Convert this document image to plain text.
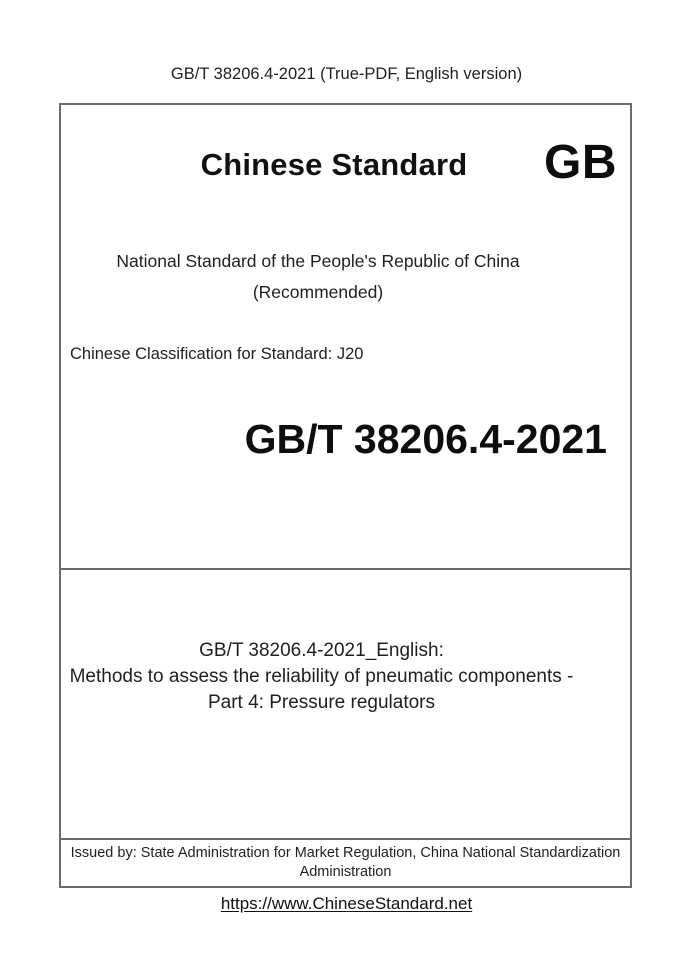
GB/T 38206.4-2021 (True-PDF, English version)
Chinese Standard	GB
National Standard of the People's Republic of China
(Recommended)
Chinese Classification for Standard: J20
GB/T 38206.4-2021
GB/T 38206.4-2021_English:
Methods to assess the reliability of pneumatic components -
Part 4: Pressure regulators
Issued by: State Administration for Market Regulation, China National Standardization
Administration
https://www.ChineseStandard.net
